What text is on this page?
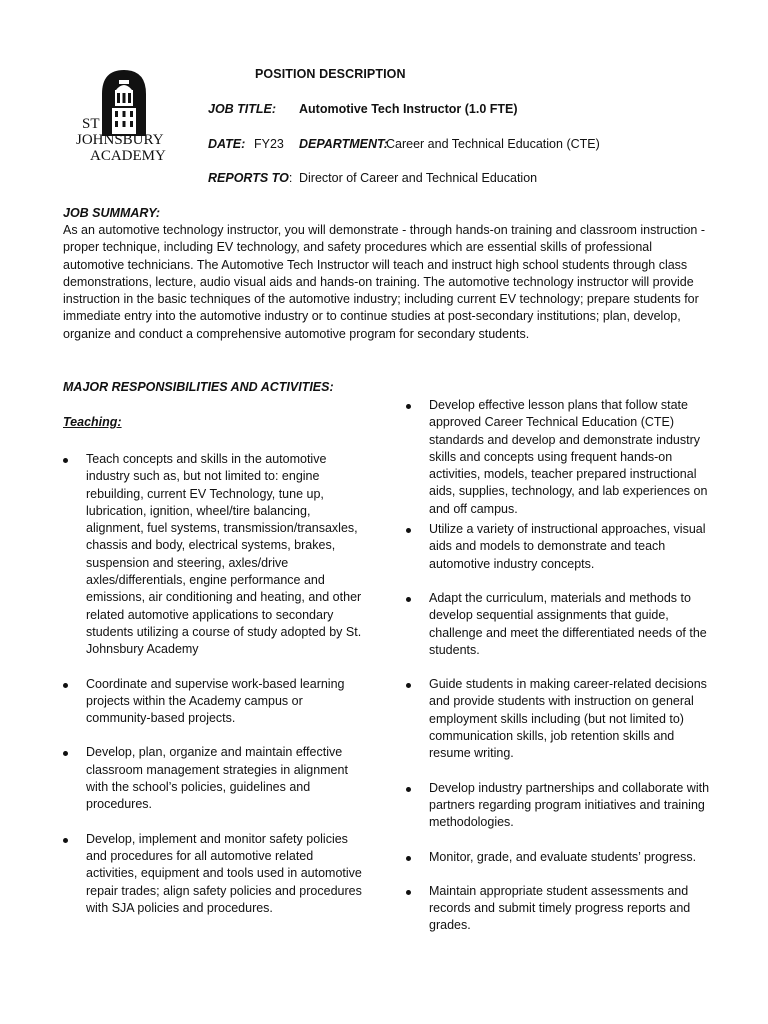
ST
JOHNSBURY
ACADEMY
POSITION DESCRIPTION
JOB TITLE: Automotive Tech Instructor (1.0 FTE)
DATE: FY23 DEPARTMENT:
Career and Technical Education (CTE)
REPORTS TO: Director of Career and Technical Education
JOB SUMMARY:

As an automotive technology instructor, you will demonstrate - through hands-on training and classroom instruction - proper technique, including EV technology, and safety procedures which are essential skills of professional automotive technicians. The Automotive Tech Instructor will teach and instruct high school students through class demonstrations, lecture, audio visual aids and hands-on training. The automotive technology instructor will provide instruction in the basic techniques of the automotive industry; including current EV technology; prepare students for immediate entry into the automotive industry or to continue studies at post-secondary institutions; plan, develop, organize and conduct a comprehensive automotive program for secondary students.

MAJOR RESPONSIBILITIES AND ACTIVITIES:
Teaching:
Teach concepts and skills in the automotive industry such as, but not limited to: engine rebuilding, current EV Technology, tune up, lubrication, ignition, wheel/tire balancing, alignment, fuel systems, transmission/transaxles, chassis and body, electrical systems, brakes, suspension and steering, axles/drive axles/differentials, engine performance and emissions, air conditioning and heating, and other related automotive applications to secondary students utilizing a course of study adopted by St. Johnsbury Academy
Coordinate and supervise work-based learning projects within the Academy campus or community-based projects.
Develop, plan, organize and maintain effective classroom management strategies in alignment with the school’s policies, guidelines and procedures.
Develop, implement and monitor safety policies and procedures for all automotive related activities, equipment and tools used in automotive repair trades; align safety policies and procedures with SJA policies and procedures.
Develop effective lesson plans that follow state approved Career Technical Education (CTE) standards and develop and demonstrate industry skills and concepts using frequent hands-on activities, models, teacher prepared instructional aids, supplies, technology, and lab experiences on and off campus.
Utilize a variety of instructional approaches, visual aids and models to demonstrate and teach automotive industry concepts.
Adapt the curriculum, materials and methods to develop sequential assignments that guide, challenge and meet the differentiated needs of the students.
Guide students in making career-related decisions and provide students with instruction on general employment skills including (but not limited to) communication skills, job retention skills and resume writing.
Develop industry partnerships and collaborate with partners regarding program initiatives and training methodologies.
Monitor, grade, and evaluate students’ progress.
Maintain appropriate student assessments and records and submit timely progress reports and grades.
